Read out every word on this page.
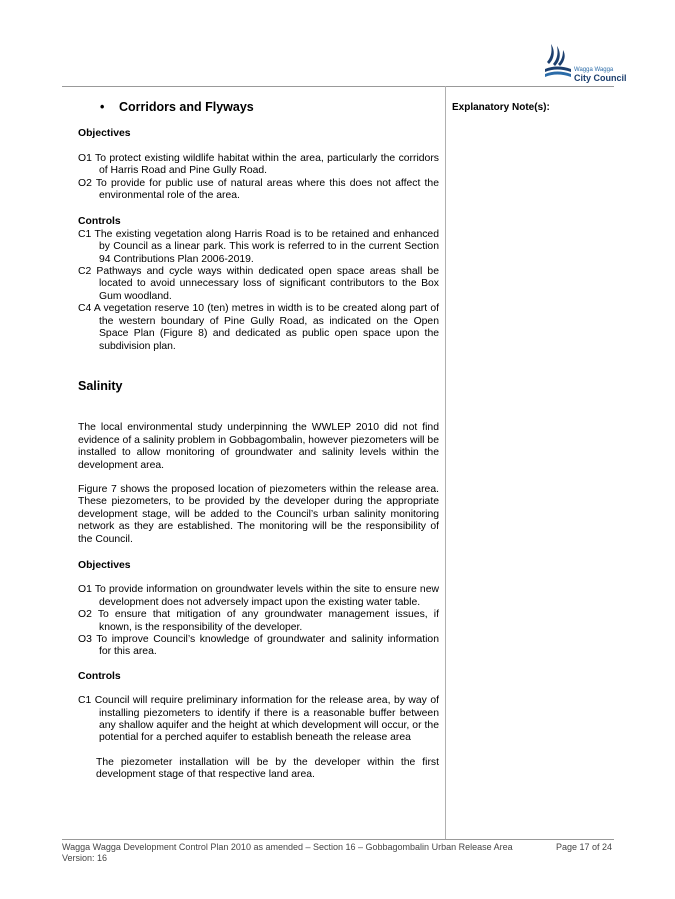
Wagga Wagga
City Council
Explanatory Note(s):
• Corridors and Flyways
Objectives
O1 To protect existing wildlife habitat within the area, particularly the corridors of Harris Road and Pine Gully Road.
O2 To provide for public use of natural areas where this does not affect the environmental role of the area.
Controls
C1 The existing vegetation along Harris Road is to be retained and enhanced by Council as a linear park. This work is referred to in the current Section 94 Contributions Plan 2006-2019.
C2 Pathways and cycle ways within dedicated open space areas shall be located to avoid unnecessary loss of significant contributors to the Box Gum woodland.
C4 A vegetation reserve 10 (ten) metres in width is to be created along part of the western boundary of Pine Gully Road, as indicated on the Open Space Plan (Figure 8) and dedicated as public open space upon the subdivision plan.
Salinity
The local environmental study underpinning the WWLEP 2010 did not find evidence of a salinity problem in Gobbagombalin, however piezometers will be installed to allow monitoring of groundwater and salinity levels within the development area.
Figure 7 shows the proposed location of piezometers within the release area. These piezometers, to be provided by the developer during the appropriate development stage, will be added to the Council’s urban salinity monitoring network as they are established. The monitoring will be the responsibility of the Council.
Objectives
O1 To provide information on groundwater levels within the site to ensure new development does not adversely impact upon the existing water table.
O2 To ensure that mitigation of any groundwater management issues, if known, is the responsibility of the developer.
O3 To improve Council’s knowledge of groundwater and salinity information for this area.
Controls
C1 Council will require preliminary information for the release area, by way of installing piezometers to identify if there is a reasonable buffer between any shallow aquifer and the height at which development will occur, or the potential for a perched aquifer to establish beneath the release area
The piezometer installation will be by the developer within the first development stage of that respective land area.
Wagga Wagga Development Control Plan 2010 as amended – Section 16 – Gobbagombalin Urban Release Area
Version: 16
Page 17 of 24
